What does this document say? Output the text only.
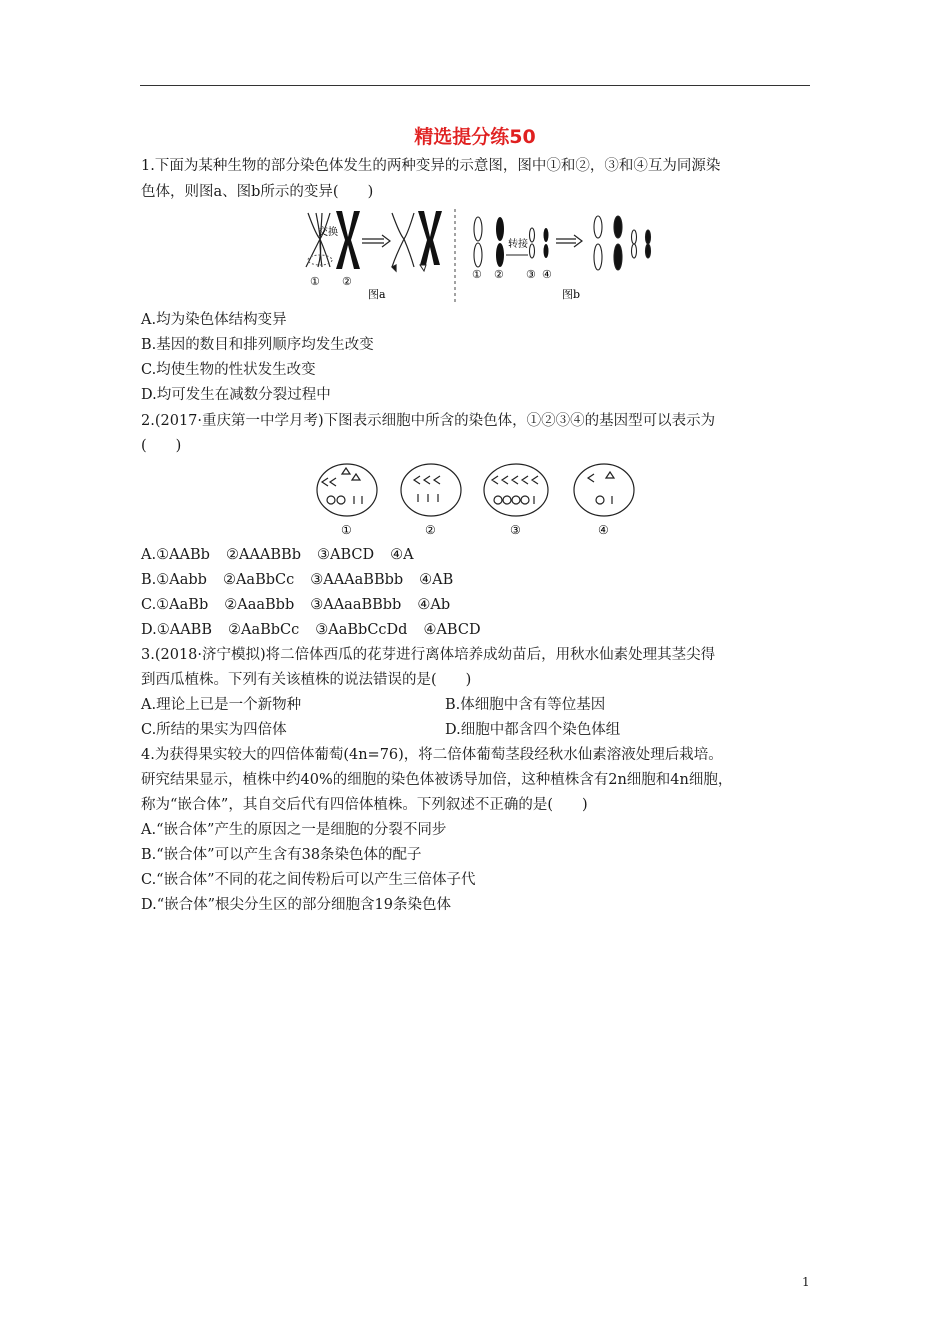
精选提分练50
1.下面为某种生物的部分染色体发生的两种变异的示意图，图中①和②，③和④互为同源染
色体，则图a、图b所示的变异(　　)
交换
① ②
图a
转接
① ② ③ ④
图b
A.均为染色体结构变异
B.基因的数目和排列顺序均发生改变
C.均使生物的性状发生改变
D.均可发生在减数分裂过程中
2.(2017·重庆第一中学月考)下图表示细胞中所含的染色体，①②③④的基因型可以表示为
(　　)
①	②	③	④
A.①AABb ②AAABBb ③ABCD ④A
B.①Aabb ②AaBbCc ③AAAaBBbb ④AB
C.①AaBb ②AaaBbb ③AAaaBBbb ④Ab
D.①AABB ②AaBbCc ③AaBbCcDd ④ABCD
3.(2018·济宁模拟)将二倍体西瓜的花芽进行离体培养成幼苗后，用秋水仙素处理其茎尖得
到西瓜植株。下列有关该植株的说法错误的是(　　)
A.理论上已是一个新物种	B.体细胞中含有等位基因
C.所结的果实为四倍体	D.细胞中都含四个染色体组
4.为获得果实较大的四倍体葡萄(4n=76)，将二倍体葡萄茎段经秋水仙素溶液处理后栽培。
研究结果显示，植株中约40%的细胞的染色体被诱导加倍，这种植株含有2n细胞和4n细胞，
称为“嵌合体”，其自交后代有四倍体植株。下列叙述不正确的是(　　)
A.“嵌合体”产生的原因之一是细胞的分裂不同步
B.“嵌合体”可以产生含有38条染色体的配子
C.“嵌合体”不同的花之间传粉后可以产生三倍体子代
D.“嵌合体”根尖分生区的部分细胞含19条染色体
1
